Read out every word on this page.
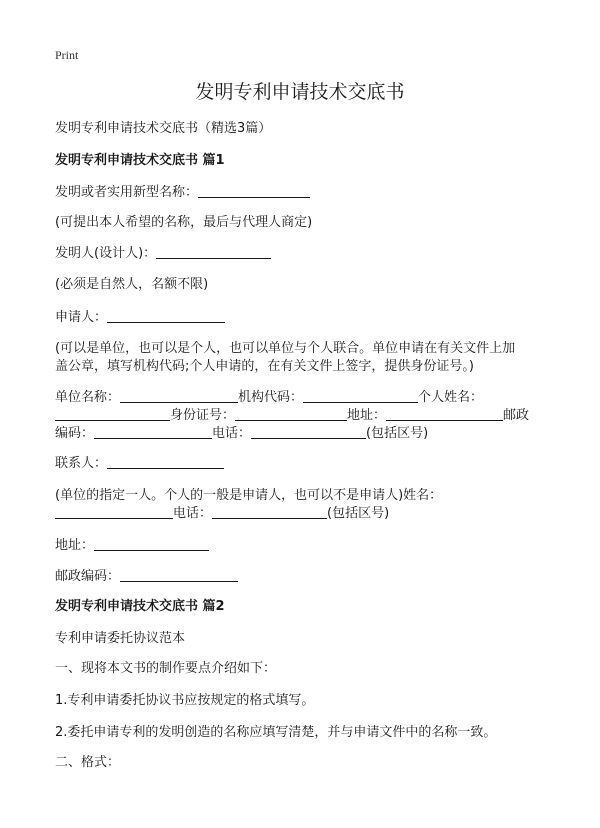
Print
发明专利申请技术交底书
发明专利申请技术交底书（精选3篇）
发明专利申请技术交底书 篇1
发明或者实用新型名称：
(可提出本人希望的名称，最后与代理人商定)
发明人(设计人)：
(必须是自然人，名额不限)
申请人：
(可以是单位，也可以是个人，也可以单位与个人联合。单位申请在有关文件上加
盖公章，填写机构代码;个人申请的，在有关文件上签字，提供身份证号。)
单位名称：	机构代码：	个人姓名：
身份证号：	地址：	邮政
编码：	电话：	(包括区号)
联系人：
(单位的指定一人。个人的一般是申请人，也可以不是申请人)姓名：
电话：	(包括区号)
地址：
邮政编码：
发明专利申请技术交底书 篇2
专利申请委托协议范本
一、现将本文书的制作要点介绍如下：
1.专利申请委托协议书应按规定的格式填写。
2.委托申请专利的发明创造的名称应填写清楚，并与申请文件中的名称一致。
二、格式：
